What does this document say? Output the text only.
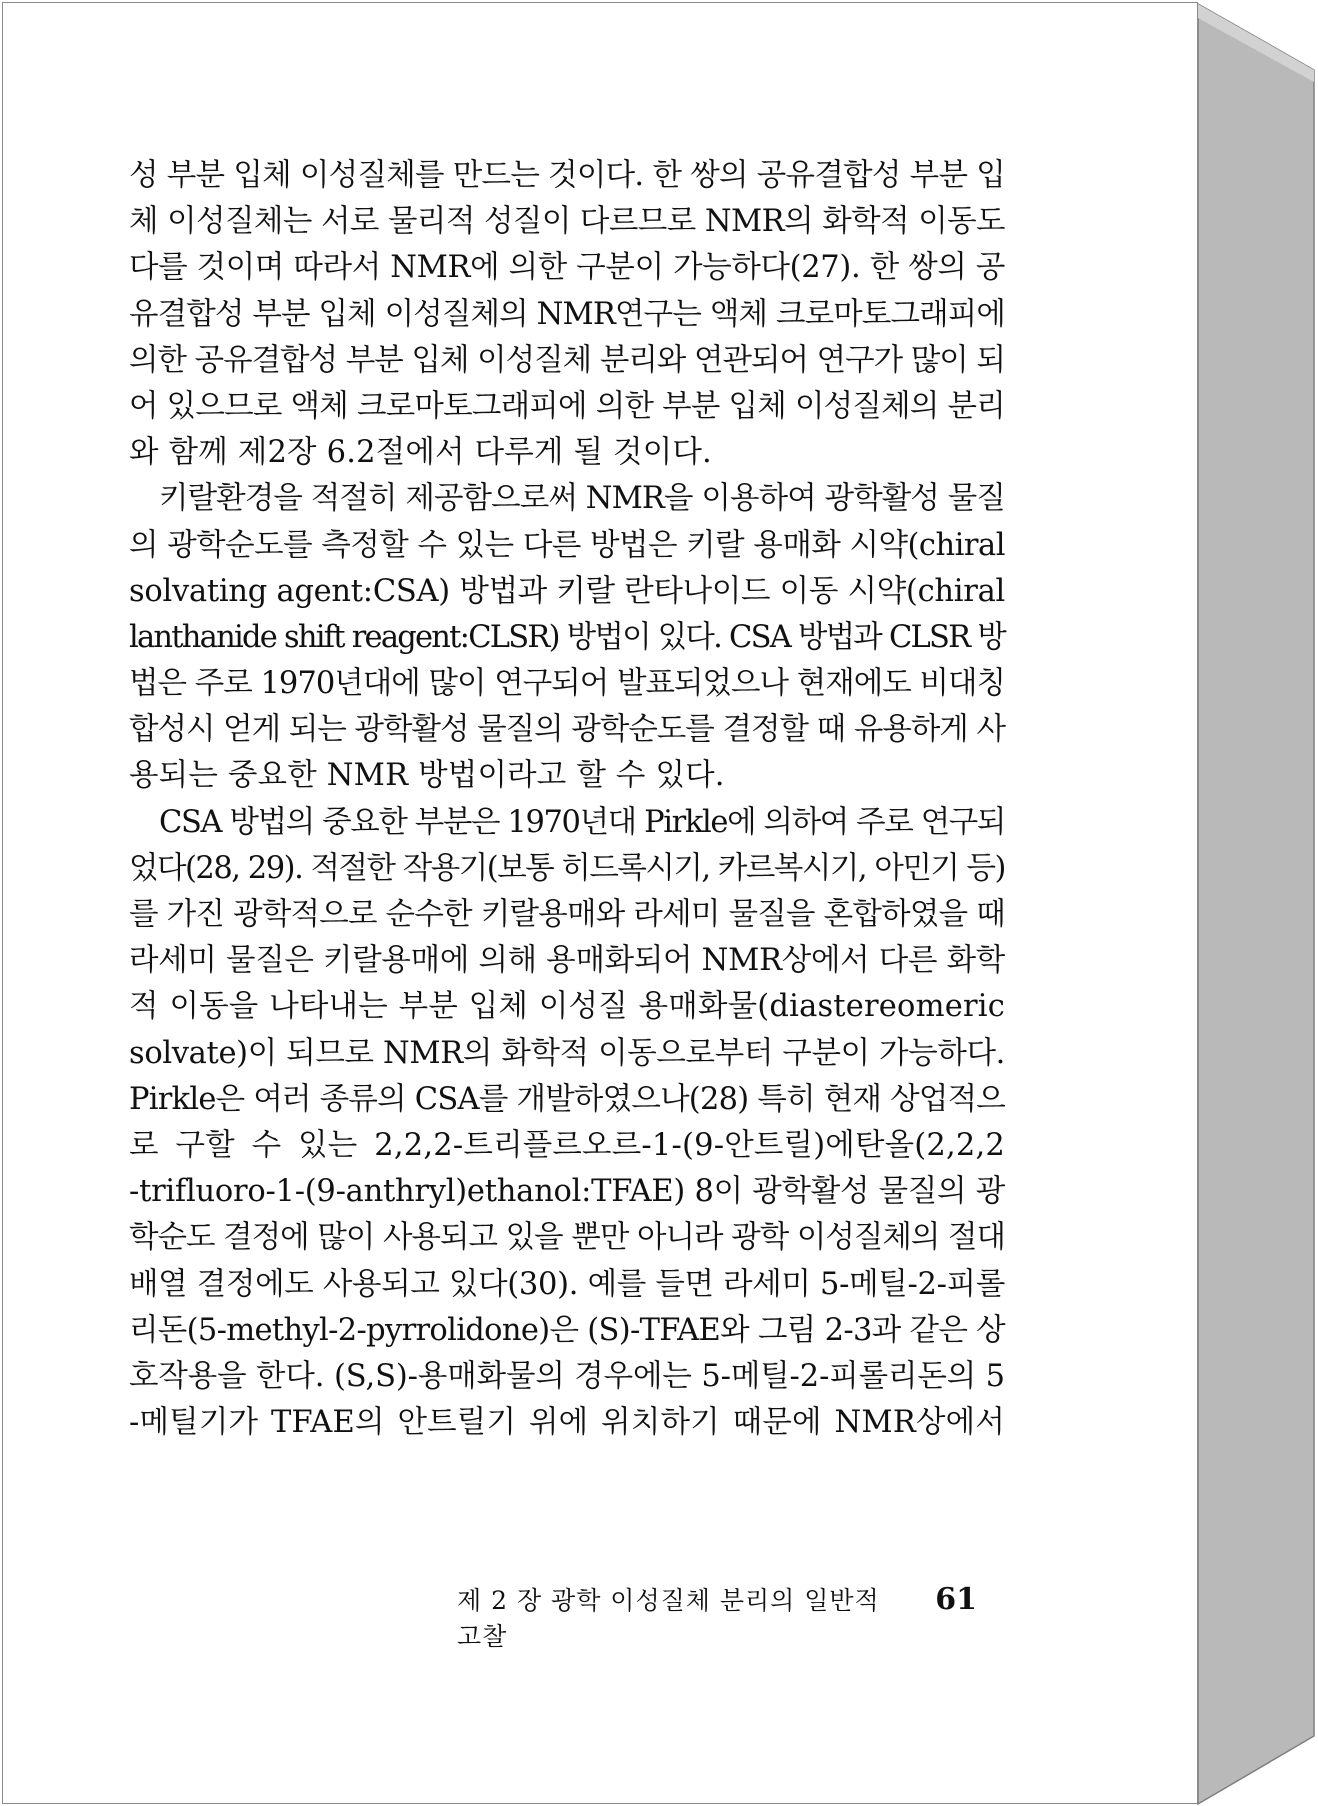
성 부분 입체 이성질체를 만드는 것이다. 한 쌍의 공유결합성 부분 입
체 이성질체는 서로 물리적 성질이 다르므로 NMR의 화학적 이동도
다를 것이며 따라서 NMR에 의한 구분이 가능하다(27). 한 쌍의 공
유결합성 부분 입체 이성질체의 NMR연구는 액체 크로마토그래피에
의한 공유결합성 부분 입체 이성질체 분리와 연관되어 연구가 많이 되
어 있으므로 액체 크로마토그래피에 의한 부분 입체 이성질체의 분리
와 함께 제2장 6.2절에서 다루게 될 것이다.
키랄환경을 적절히 제공함으로써 NMR을 이용하여 광학활성 물질
의 광학순도를 측정할 수 있는 다른 방법은 키랄 용매화 시약(chiral
solvating agent:CSA) 방법과 키랄 란타나이드 이동 시약(chiral
lanthanide shift reagent:CLSR) 방법이 있다. CSA 방법과 CLSR 방
법은 주로 1970년대에 많이 연구되어 발표되었으나 현재에도 비대칭
합성시 얻게 되는 광학활성 물질의 광학순도를 결정할 때 유용하게 사
용되는 중요한 NMR 방법이라고 할 수 있다.
CSA 방법의 중요한 부분은 1970년대 Pirkle에 의하여 주로 연구되
었다(28, 29). 적절한 작용기(보통 히드록시기, 카르복시기, 아민기 등)
를 가진 광학적으로 순수한 키랄용매와 라세미 물질을 혼합하였을 때
라세미 물질은 키랄용매에 의해 용매화되어 NMR상에서 다른 화학
적 이동을 나타내는 부분 입체 이성질 용매화물(diastereomeric
solvate)이 되므로 NMR의 화학적 이동으로부터 구분이 가능하다.
Pirkle은 여러 종류의 CSA를 개발하였으나(28) 특히 현재 상업적으
로 구할 수 있는 2,2,2-트리플르오르-1-(9-안트릴)에탄올(2,2,2
-trifluoro-1-(9-anthryl)ethanol:TFAE) 8이 광학활성 물질의 광
학순도 결정에 많이 사용되고 있을 뿐만 아니라 광학 이성질체의 절대
배열 결정에도 사용되고 있다(30). 예를 들면 라세미 5-메틸-2-피롤
리돈(5-methyl-2-pyrrolidone)은 (S)-TFAE와 그림 2-3과 같은 상
호작용을 한다. (S,S)-용매화물의 경우에는 5-메틸-2-피롤리돈의 5
-메틸기가 TFAE의 안트릴기 위에 위치하기 때문에 NMR상에서
제 2 장 광학 이성질체 분리의 일반적 고찰
61
